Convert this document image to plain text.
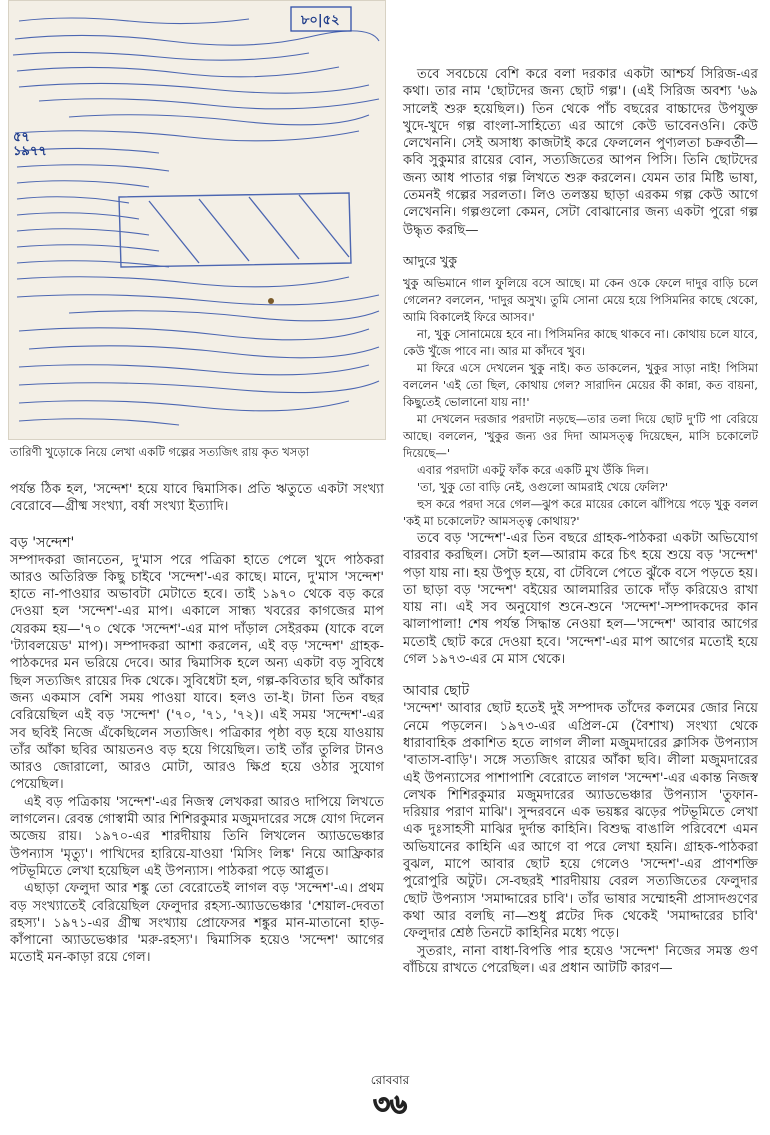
৮০|৫২
৫৭
১৯৭৭
তারিণী খুড়োকে নিয়ে লেখা একটি গল্পের সত্যজিৎ রায় কৃত খসড়া

পর্যন্ত ঠিক হল, 'সন্দেশ' হয়ে যাবে দ্বিমাসিক। প্রতি ঋতুতে একটা সংখ্যা বেরোবে—গ্রীষ্ম সংখ্যা, বর্ষা সংখ্যা ইত্যাদি।

বড় 'সন্দেশ'

সম্পাদকরা জানতেন, দু'মাস পরে পত্রিকা হাতে পেলে খুদে পাঠকরা আরও অতিরিক্ত কিছু চাইবে 'সন্দেশ'-এর কাছে। মানে, দু'মাস 'সন্দেশ' হাতে না-পাওয়ার অভাবটা মেটাতে হবে। তাই ১৯৭০ থেকে বড় করে দেওয়া হল 'সন্দেশ'-এর মাপ। একালে সান্ধ্য খবরের কাগজের মাপ যেরকম হয়—'৭০ থেকে 'সন্দেশ'-এর মাপ দাঁড়াল সেইরকম (যাকে বলে 'ট্যাবলয়েড' মাপ)। সম্পাদকরা আশা করলেন, এই বড় 'সন্দেশ' গ্রাহক-পাঠকদের মন ভরিয়ে দেবে। আর দ্বিমাসিক হলে অন্য একটা বড় সুবিধে ছিল সত্যজিৎ রায়ের দিক থেকে। সুবিধেটা হল, গল্প-কবিতার ছবি আঁকার জন্য একমাস বেশি সময় পাওয়া যাবে। হলও তা-ই। টানা তিন বছর বেরিয়েছিল এই বড় 'সন্দেশ' ('৭০, '৭১, '৭২)। এই সময় 'সন্দেশ'-এর সব ছবিই নিজে এঁকেছিলেন সত্যজিৎ। পত্রিকার পৃষ্ঠা বড় হয়ে যাওয়ায় তাঁর আঁকা ছবির আয়তনও বড় হয়ে গিয়েছিল। তাই তাঁর তুলির টানও আরও জোরালো, আরও মোটা, আরও ক্ষিপ্র হয়ে ওঠার সুযোগ পেয়েছিল।

এই বড় পত্রিকায় 'সন্দেশ'-এর নিজস্ব লেখকরা আরও দাপিয়ে লিখতে লাগলেন। রেবন্ত গোস্বামী আর শিশিরকুমার মজুমদারের সঙ্গে যোগ দিলেন অজেয় রায়। ১৯৭০-এর শারদীয়ায় তিনি লিখলেন অ্যাডভেঞ্চার উপন্যাস 'মৃত্যু'। পাখিদের হারিয়ে-যাওয়া 'মিসিং লিঙ্ক' নিয়ে আফ্রিকার পটভূমিতে লেখা হয়েছিল এই উপন্যাস। পাঠকরা পড়ে আপ্লুত।

এছাড়া ফেলুদা আর শঙ্কু তো বেরোতেই লাগল বড় 'সন্দেশ'-এ। প্রথম বড় সংখ্যাতেই বেরিয়েছিল ফেলুদার রহস্য-অ্যাডভেঞ্চার 'শেয়াল-দেবতা রহস্য'। ১৯৭১-এর গ্রীষ্ম সংখ্যায় প্রোফেসর শঙ্কুর মান-মাতানো হাড়-কাঁপানো অ্যাডভেঞ্চার 'মরু-রহস্য'। দ্বিমাসিক হয়েও 'সন্দেশ' আগের মতোই মন-কাড়া রয়ে গেল।

তবে সবচেয়ে বেশি করে বলা দরকার একটা আশ্চর্য সিরিজ-এর কথা। তার নাম 'ছোটদের জন্য ছোট গল্প'। (এই সিরিজ অবশ্য '৬৯ সালেই শুরু হয়েছিল।) তিন থেকে পাঁচ বছরের বাচ্চাদের উপযুক্ত খুদে-খুদে গল্প বাংলা-সাহিত্যে এর আগে কেউ ভাবেনওনি। কেউ লেখেননি। সেই অসাধ্য কাজটাই করে ফেললেন পুণ্যলতা চক্রবর্তী—কবি সুকুমার রায়ের বোন, সত্যজিতের আপন পিসি। তিনি ছোটদের জন্য আধ পাতার গল্প লিখতে শুরু করলেন। যেমন তার মিষ্টি ভাষা, তেমনই গল্পের সরলতা। লিও তলস্তয় ছাড়া এরকম গল্প কেউ আগে লেখেননি। গল্পগুলো কেমন, সেটা বোঝানোর জন্য একটা পুরো গল্প উদ্ধৃত করছি—

আদুরে খুকু

খুকু অভিমানে গাল ফুলিয়ে বসে আছে। মা কেন ওকে ফেলে দাদুর বাড়ি চলে গেলেন? বললেন, 'দাদুর অসুখ। তুমি সোনা মেয়ে হয়ে পিসিমনির কাছে থেকো, আমি বিকালেই ফিরে আসব।'

না, খুকু সোনামেয়ে হবে না। পিসিমনির কাছে থাকবে না। কোথায় চলে যাবে, কেউ খুঁজে পাবে না। আর মা কাঁদবে খুব।

মা ফিরে এসে দেখলেন খুকু নাই। কত ডাকলেন, খুকুর সাড়া নাই! পিসিমা বললেন 'এই তো ছিল, কোথায় গেল? সারাদিন মেয়ের কী কান্না, কত বায়না, কিছুতেই ভোলানো যায় না!'

মা দেখলেন দরজার পরদাটা নড়ছে—তার তলা দিয়ে ছোট দু'টি পা বেরিয়ে আছে। বললেন, 'খুকুর জন্য ওর দিদা আমসত্ত্ব দিয়েছেন, মাসি চকোলেট দিয়েছে—'

এবার পরদাটা একটু ফাঁক করে একটি মুখ উঁকি দিল।

'তা, খুকু তো বাড়ি নেই, ওগুলো আমরাই খেয়ে ফেলি?'

হুস করে পরদা সরে গেল—ঝুপ করে মায়ের কোলে ঝাঁপিয়ে পড়ে খুকু বলল 'কই মা চকোলেট? আমসত্ত্ব কোথায়?'

তবে বড় 'সন্দেশ'-এর তিন বছরে গ্রাহক-পাঠকরা একটা অভিযোগ বারবার করছিল। সেটা হল—আরাম করে চিৎ হয়ে শুয়ে বড় 'সন্দেশ' পড়া যায় না। হয় উপুড় হয়ে, বা টেবিলে পেতে ঝুঁকে বসে পড়তে হয়। তা ছাড়া বড় 'সন্দেশ' বইয়ের আলমারির তাকে দাঁড় করিয়েও রাখা যায় না। এই সব অনুযোগ শুনে-শুনে 'সন্দেশ'-সম্পাদকদের কান ঝালাপালা! শেষ পর্যন্ত সিদ্ধান্ত নেওয়া হল—'সন্দেশ' আবার আগের মতোই ছোট করে দেওয়া হবে। 'সন্দেশ'-এর মাপ আগের মতোই হয়ে গেল ১৯৭৩-এর মে মাস থেকে।

আবার ছোট

'সন্দেশ' আবার ছোট হতেই দুই সম্পাদক তাঁদের কলমের জোর নিয়ে নেমে পড়লেন। ১৯৭৩-এর এপ্রিল-মে (বৈশাখ) সংখ্যা থেকে ধারাবাহিক প্রকাশিত হতে লাগল লীলা মজুমদারের ক্লাসিক উপন্যাস 'বাতাস-বাড়ি'। সঙ্গে সত্যজিৎ রায়ের আঁকা ছবি। লীলা মজুমদারের এই উপন্যাসের পাশাপাশি বেরোতে লাগল 'সন্দেশ'-এর একান্ত নিজস্ব লেখক শিশিরকুমার মজুমদারের অ্যাডভেঞ্চার উপন্যাস 'তুফান-দরিয়ার পরাণ মাঝি'। সুন্দরবনে এক ভয়ঙ্কর ঝড়ের পটভূমিতে লেখা এক দুঃসাহসী মাঝির দুর্দান্ত কাহিনি। বিশুদ্ধ বাঙালি পরিবেশে এমন অভিযানের কাহিনি এর আগে বা পরে লেখা হয়নি। গ্রাহক-পাঠকরা বুঝল, মাপে আবার ছোট হয়ে গেলেও 'সন্দেশ'-এর প্রাণশক্তি পুরোপুরি অটুট। সে-বছরই শারদীয়ায় বেরল সত্যজিতের ফেলুদার ছোট উপন্যাস 'সমাদ্দারের চাবি'। তাঁর ভাষার সম্মোহনী প্রাসাদগুণের কথা আর বলছি না—শুধু প্লটের দিক থেকেই 'সমাদ্দারের চাবি' ফেলুদার শ্রেষ্ঠ তিনটে কাহিনির মধ্যে পড়ে।

সুতরাং, নানা বাধা-বিপত্তি পার হয়েও 'সন্দেশ' নিজের সমস্ত গুণ বাঁচিয়ে রাখতে পেরেছিল। এর প্রধান আটটি কারণ—

রোববার
৩৬
